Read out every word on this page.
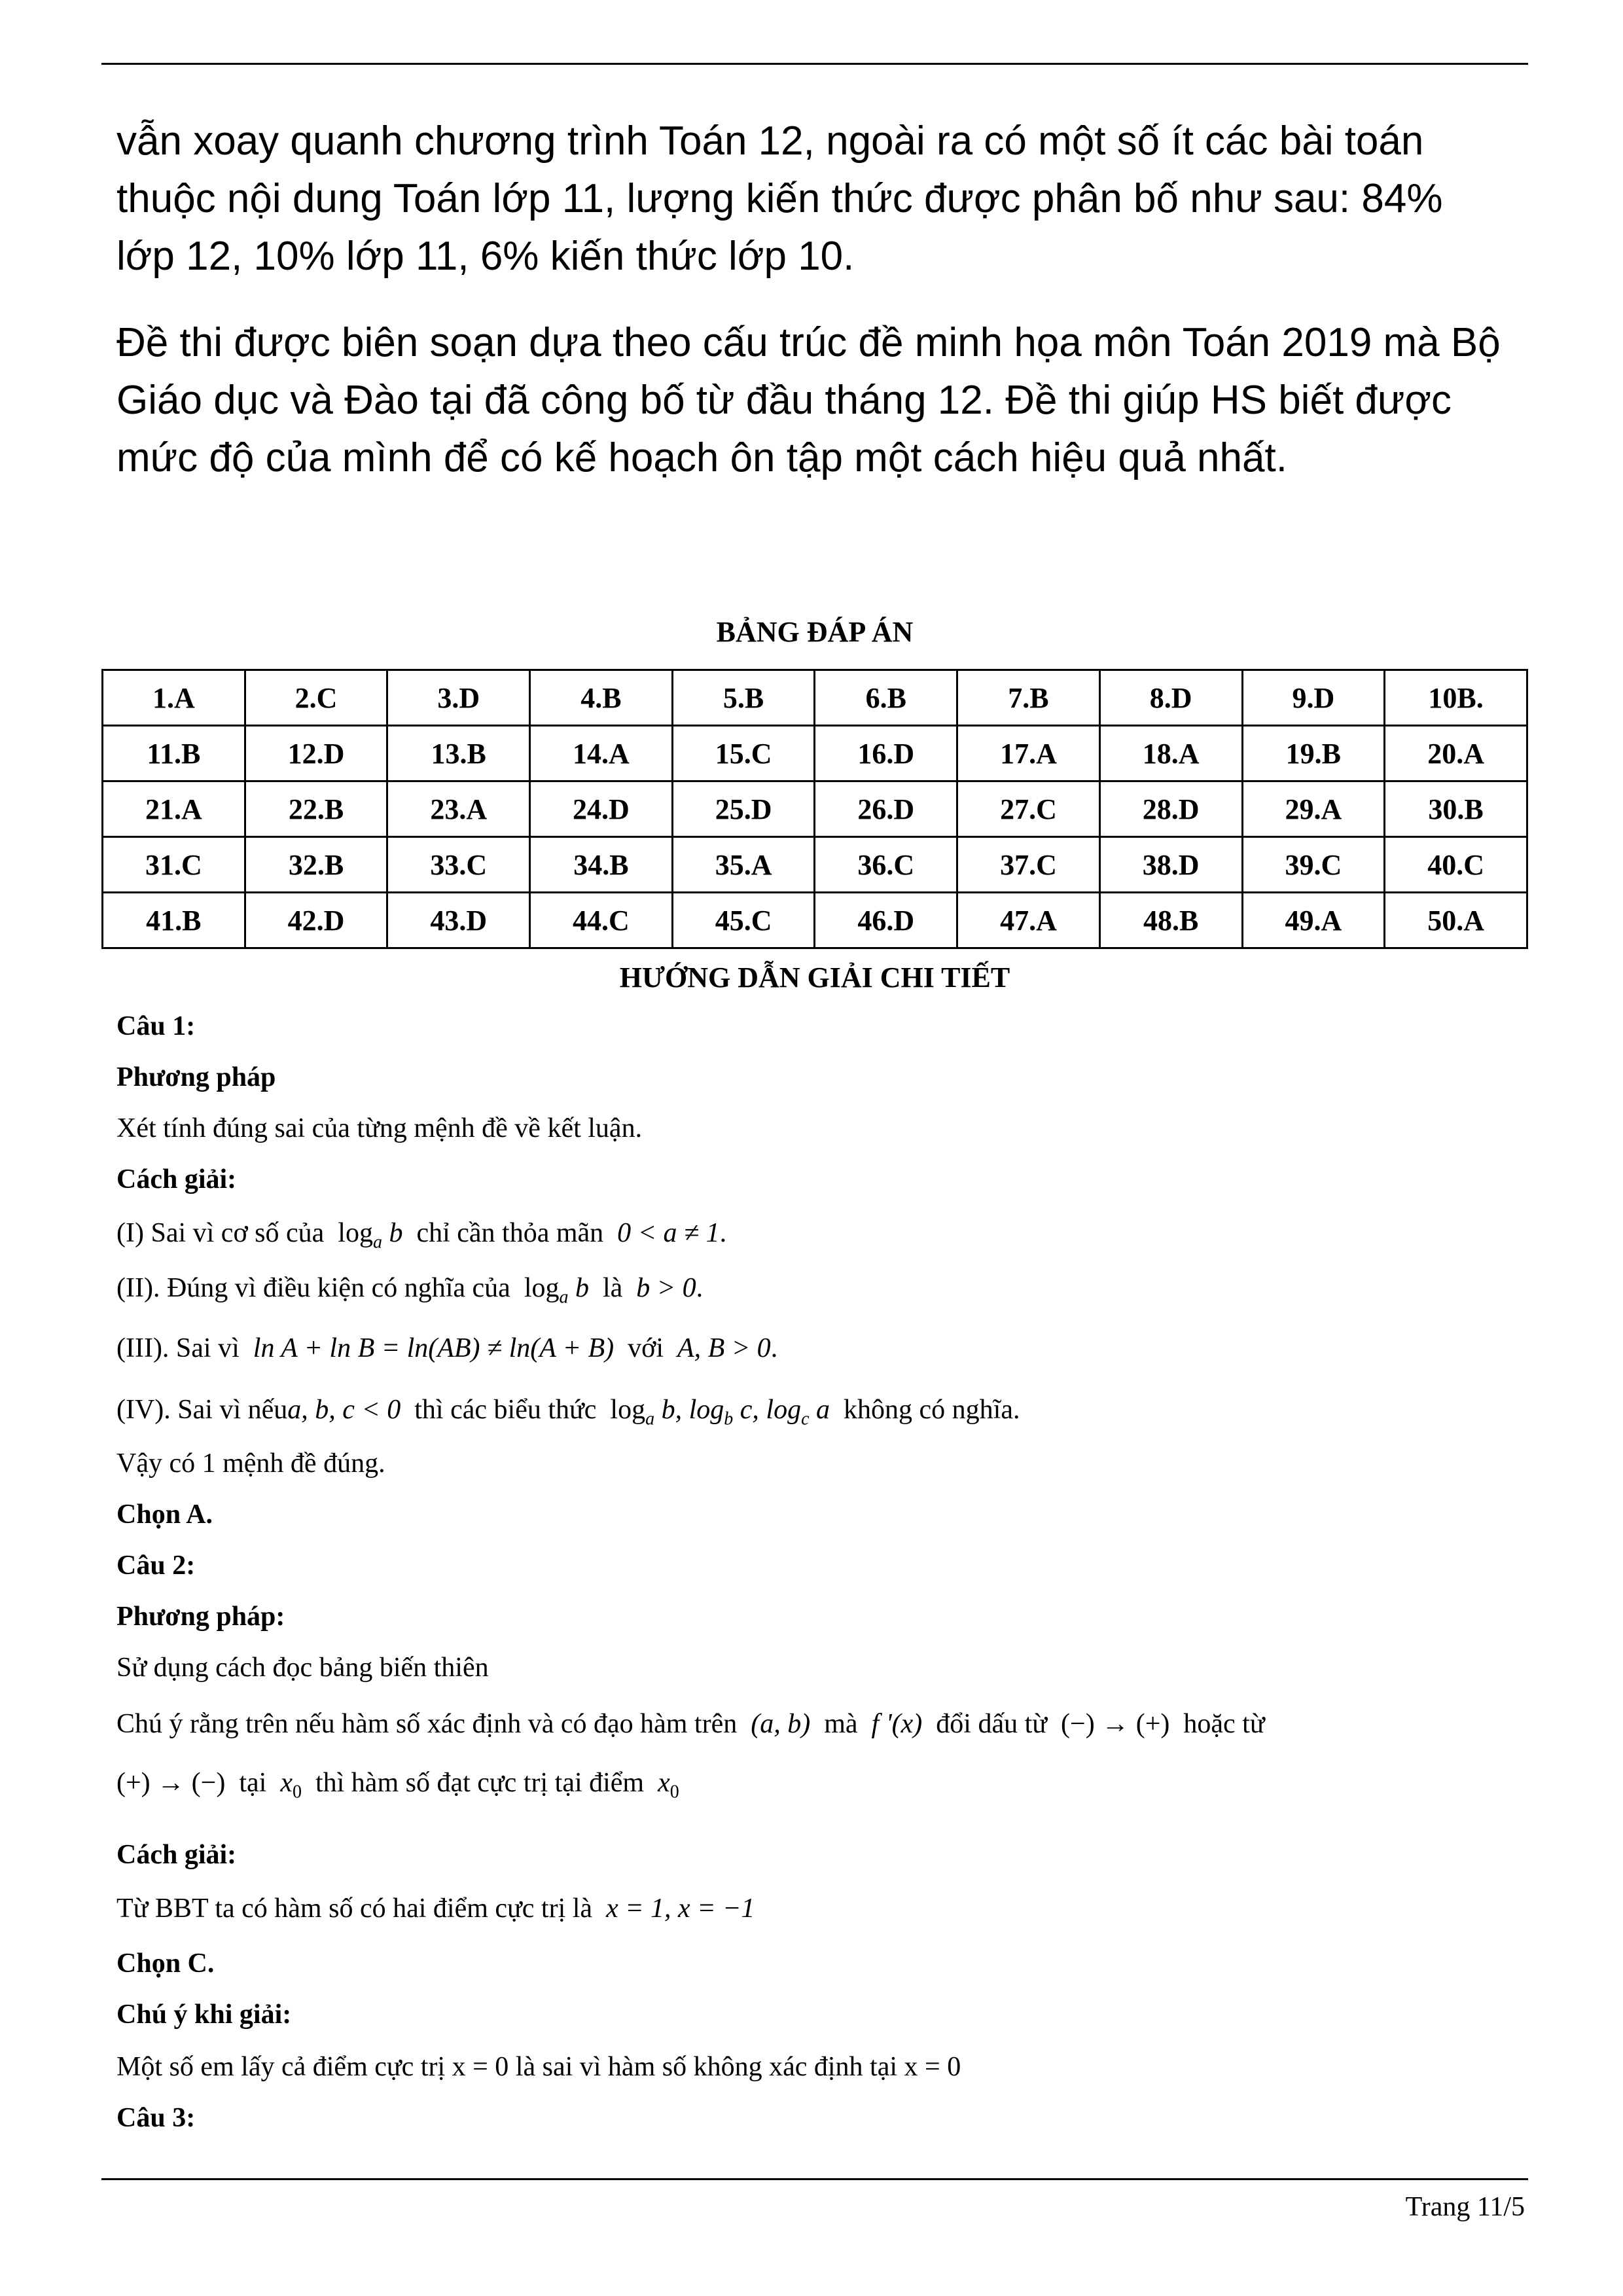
vẫn xoay quanh chương trình Toán 12, ngoài ra có một số ít các bài toán thuộc nội dung Toán lớp 11, lượng kiến thức được phân bố như sau: 84% lớp 12, 10% lớp 11, 6% kiến thức lớp 10.

Đề thi được biên soạn dựa theo cấu trúc đề minh họa môn Toán 2019 mà Bộ Giáo dục và Đào tại đã công bố từ đầu tháng 12. Đề thi giúp HS biết được mức độ của mình để có kế hoạch ôn tập một cách hiệu quả nhất.

BẢNG ĐÁP ÁN
1.A	2.C	3.D	4.B	5.B	6.B	7.B	8.D	9.D	10B.
11.B	12.D	13.B	14.A	15.C	16.D	17.A	18.A	19.B	20.A
21.A	22.B	23.A	24.D	25.D	26.D	27.C	28.D	29.A	30.B
31.C	32.B	33.C	34.B	35.A	36.C	37.C	38.D	39.C	40.C
41.B	42.D	43.D	44.C	45.C	46.D	47.A	48.B	49.A	50.A
HƯỚNG DẪN GIẢI CHI TIẾT
Câu 1:
Phương pháp
Xét tính đúng sai của từng mệnh đề về kết luận.
Cách giải:
(I) Sai vì cơ số của $\log_a b$ chỉ cần thỏa mãn 0 < a ≠ 1.
(II). Đúng vì điều kiện có nghĩa của $\log_a b$ là b > 0.
(III). Sai vì ln A + ln B = ln(AB) ≠ ln(A + B) với A, B > 0.
(IV). Sai vì nếua, b, c < 0 thì các biểu thức $\log_a b$, $\log_b c$, $\log_c a$ không có nghĩa.
Vậy có 1 mệnh đề đúng.
Chọn A.
Câu 2:
Phương pháp:
Sử dụng cách đọc bảng biến thiên
Chú ý rằng trên nếu hàm số xác định và có đạo hàm trên (a, b) mà f '(x) đổi dấu từ (−) → (+) hoặc từ
(+) → (−) tại $x_0$ thì hàm số đạt cực trị tại điểm $x_0$
Cách giải:
Từ BBT ta có hàm số có hai điểm cực trị là x = 1, x = −1
Chọn C.
Chú ý khi giải:
Một số em lấy cả điểm cực trị x = 0 là sai vì hàm số không xác định tại x = 0
Câu 3:
Trang 11/5
